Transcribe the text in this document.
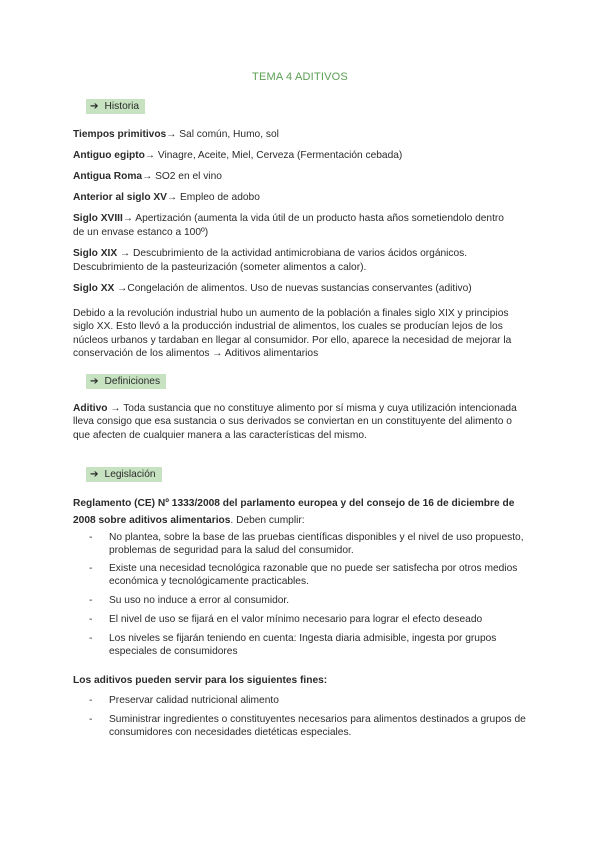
TEMA 4 ADITIVOS
➔ Historia
Tiempos primitivos→ Sal común, Humo, sol
Antiguo egipto→ Vinagre, Aceite, Miel, Cerveza (Fermentación cebada)
Antigua Roma→ SO2 en el vino
Anterior al siglo XV→ Empleo de adobo
Siglo XVIII→ Apertización (aumenta la vida útil de un producto hasta años sometiendolo dentro de un envase estanco a 100º)
Siglo XIX → Descubrimiento de la actividad antimicrobiana de varios ácidos orgánicos. Descubrimiento de la pasteurización (someter alimentos a calor).
Siglo XX →Congelación de alimentos. Uso de nuevas sustancias conservantes (aditivo)
Debido a la revolución industrial hubo un aumento de la población a finales siglo XIX y principios siglo XX. Esto llevó a la producción industrial de alimentos, los cuales se producían lejos de los núcleos urbanos y tardaban en llegar al consumidor. Por ello, aparece la necesidad de mejorar la conservación de los alimentos → Aditivos alimentarios
➔ Definiciones
Aditivo → Toda sustancia que no constituye alimento por sí misma y cuya utilización intencionada lleva consigo que esa sustancia o sus derivados se conviertan en un constituyente del alimento o que afecten de cualquier manera a las características del mismo.
➔ Legislación
Reglamento (CE) Nº 1333/2008 del parlamento europea y del consejo de 16 de diciembre de 2008 sobre aditivos alimentarios. Deben cumplir:
- No plantea, sobre la base de las pruebas científicas disponibles y el nivel de uso propuesto, problemas de seguridad para la salud del consumidor.
- Existe una necesidad tecnológica razonable que no puede ser satisfecha por otros medios económica y tecnológicamente practicables.
- Su uso no induce a error al consumidor.
- El nivel de uso se fijará en el valor mínimo necesario para lograr el efecto deseado
- Los niveles se fijarán teniendo en cuenta: Ingesta diaria admisible, ingesta por grupos especiales de consumidores
Los aditivos pueden servir para los siguientes fines:
- Preservar calidad nutricional alimento
- Suministrar ingredientes o constituyentes necesarios para alimentos destinados a grupos de consumidores con necesidades dietéticas especiales.
